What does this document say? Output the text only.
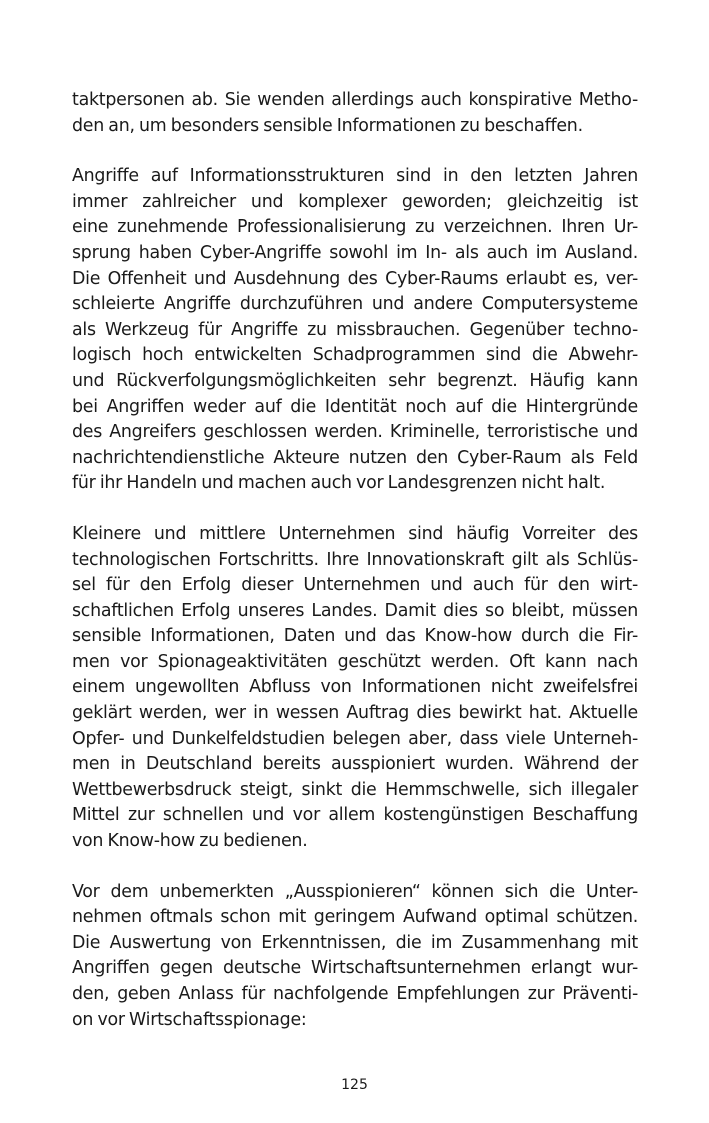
taktpersonen ab. Sie wenden allerdings auch konspirative Metho-
den an, um besonders sensible Informationen zu beschaffen.
Angriffe auf Informationsstrukturen sind in den letzten Jahren
immer zahlreicher und komplexer geworden; gleichzeitig ist
eine zunehmende Professionalisierung zu verzeichnen. Ihren Ur-
sprung haben Cyber-Angriffe sowohl im In- als auch im Ausland.
Die Offenheit und Ausdehnung des Cyber-Raums erlaubt es, ver-
schleierte Angriffe durchzuführen und andere Computersysteme
als Werkzeug für Angriffe zu missbrauchen. Gegenüber techno-
logisch hoch entwickelten Schadprogrammen sind die Abwehr-
und Rückverfolgungsmöglichkeiten sehr begrenzt. Häufig kann
bei Angriffen weder auf die Identität noch auf die Hintergründe
des Angreifers geschlossen werden. Kriminelle, terroristische und
nachrichtendienstliche Akteure nutzen den Cyber-Raum als Feld
für ihr Handeln und machen auch vor Landesgrenzen nicht halt.
Kleinere und mittlere Unternehmen sind häufig Vorreiter des
technologischen Fortschritts. Ihre Innovationskraft gilt als Schlüs-
sel für den Erfolg dieser Unternehmen und auch für den wirt-
schaftlichen Erfolg unseres Landes. Damit dies so bleibt, müssen
sensible Informationen, Daten und das Know-how durch die Fir-
men vor Spionageaktivitäten geschützt werden. Oft kann nach
einem ungewollten Abfluss von Informationen nicht zweifelsfrei
geklärt werden, wer in wessen Auftrag dies bewirkt hat. Aktuelle
Opfer- und Dunkelfeldstudien belegen aber, dass viele Unterneh-
men in Deutschland bereits ausspioniert wurden. Während der
Wettbewerbsdruck steigt, sinkt die Hemmschwelle, sich illegaler
Mittel zur schnellen und vor allem kostengünstigen Beschaffung
von Know-how zu bedienen.
Vor dem unbemerkten „Ausspionieren“ können sich die Unter-
nehmen oftmals schon mit geringem Aufwand optimal schützen.
Die Auswertung von Erkenntnissen, die im Zusammenhang mit
Angriffen gegen deutsche Wirtschaftsunternehmen erlangt wur-
den, geben Anlass für nachfolgende Empfehlungen zur Präventi-
on vor Wirtschaftsspionage:
125
